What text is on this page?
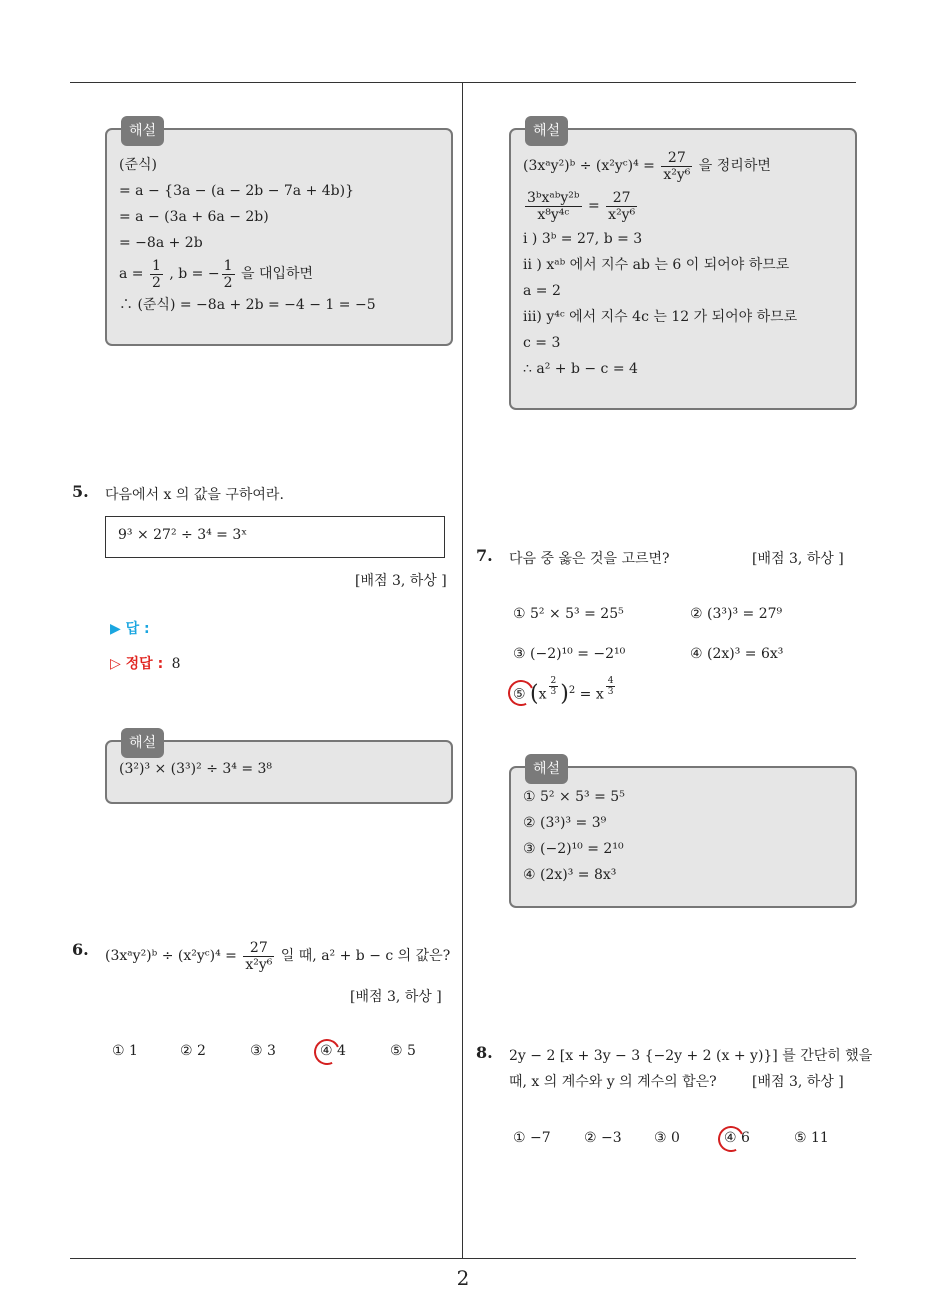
2
해설
(준식)
= a − {3a − (a − 2b − 7a + 4b)}
= a − (3a + 6a − 2b)
= −8a + 2b
$a = \frac{1}{2}$ , b = − $\frac{1}{2}$ 을 대입하면
∴ (준식) = −8a + 2b = −4 − 1 = −5
5. 다음에서 x 의 값을 구하여라.
9³ × 27² ÷ 3⁴ = 3ˣ
[배점 3, 하상 ]
▶ 답 :
▷ 정답 : 8
해설
(3²)³ × (3³)² ÷ 3⁴ = 3⁸
6. (3xᵃy²)ᵇ ÷ (x²yᶜ)⁴ = $\frac{27}{\text{x²y⁶}}$ 일 때, a² + b − c 의 값은?
[배점 3, 하상 ]
① 1	② 2	③ 3	④ 4	⑤ 5
해설
(3xᵃy²)ᵇ ÷ (x²yᶜ)⁴ = $\frac{27}{\text{x²y⁶}}$ 을 정리하면
$\frac{\text{3ᵇxᵃᵇy²ᵇ}}{\text{x⁸y⁴ᶜ}} = \frac{27}{\text{x²y⁶}}$
i ) 3ᵇ = 27, b = 3
ii ) xᵃᵇ 에서 지수 ab 는 6 이 되어야 하므로
a = 2
iii) y⁴ᶜ 에서 지수 4c 는 12 가 되어야 하므로
c = 3
∴ a² + b − c = 4
7. 다음 중 옳은 것을 고르면?	[배점 3, 하상 ]
① 5² × 5³ = 25⁵	② (3³)³ = 27⁹
③ (−2)¹⁰ = −2¹⁰	④ (2x)³ = 6x³
⑤ $(x \frac{2}{3} )^2 = x \frac{4}{3}$
해설
① 5² × 5³ = 5⁵
② (3³)³ = 3⁹
③ (−2)¹⁰ = 2¹⁰
④ (2x)³ = 8x³
8. 2y − 2 [x + 3y − 3 {−2y + 2 (x + y)}] 를 간단히 했을
때, x 의 계수와 y 의 계수의 합은?	[배점 3, 하상 ]
① −7 ② −3 ③ 0	④ 6	⑤ 11
